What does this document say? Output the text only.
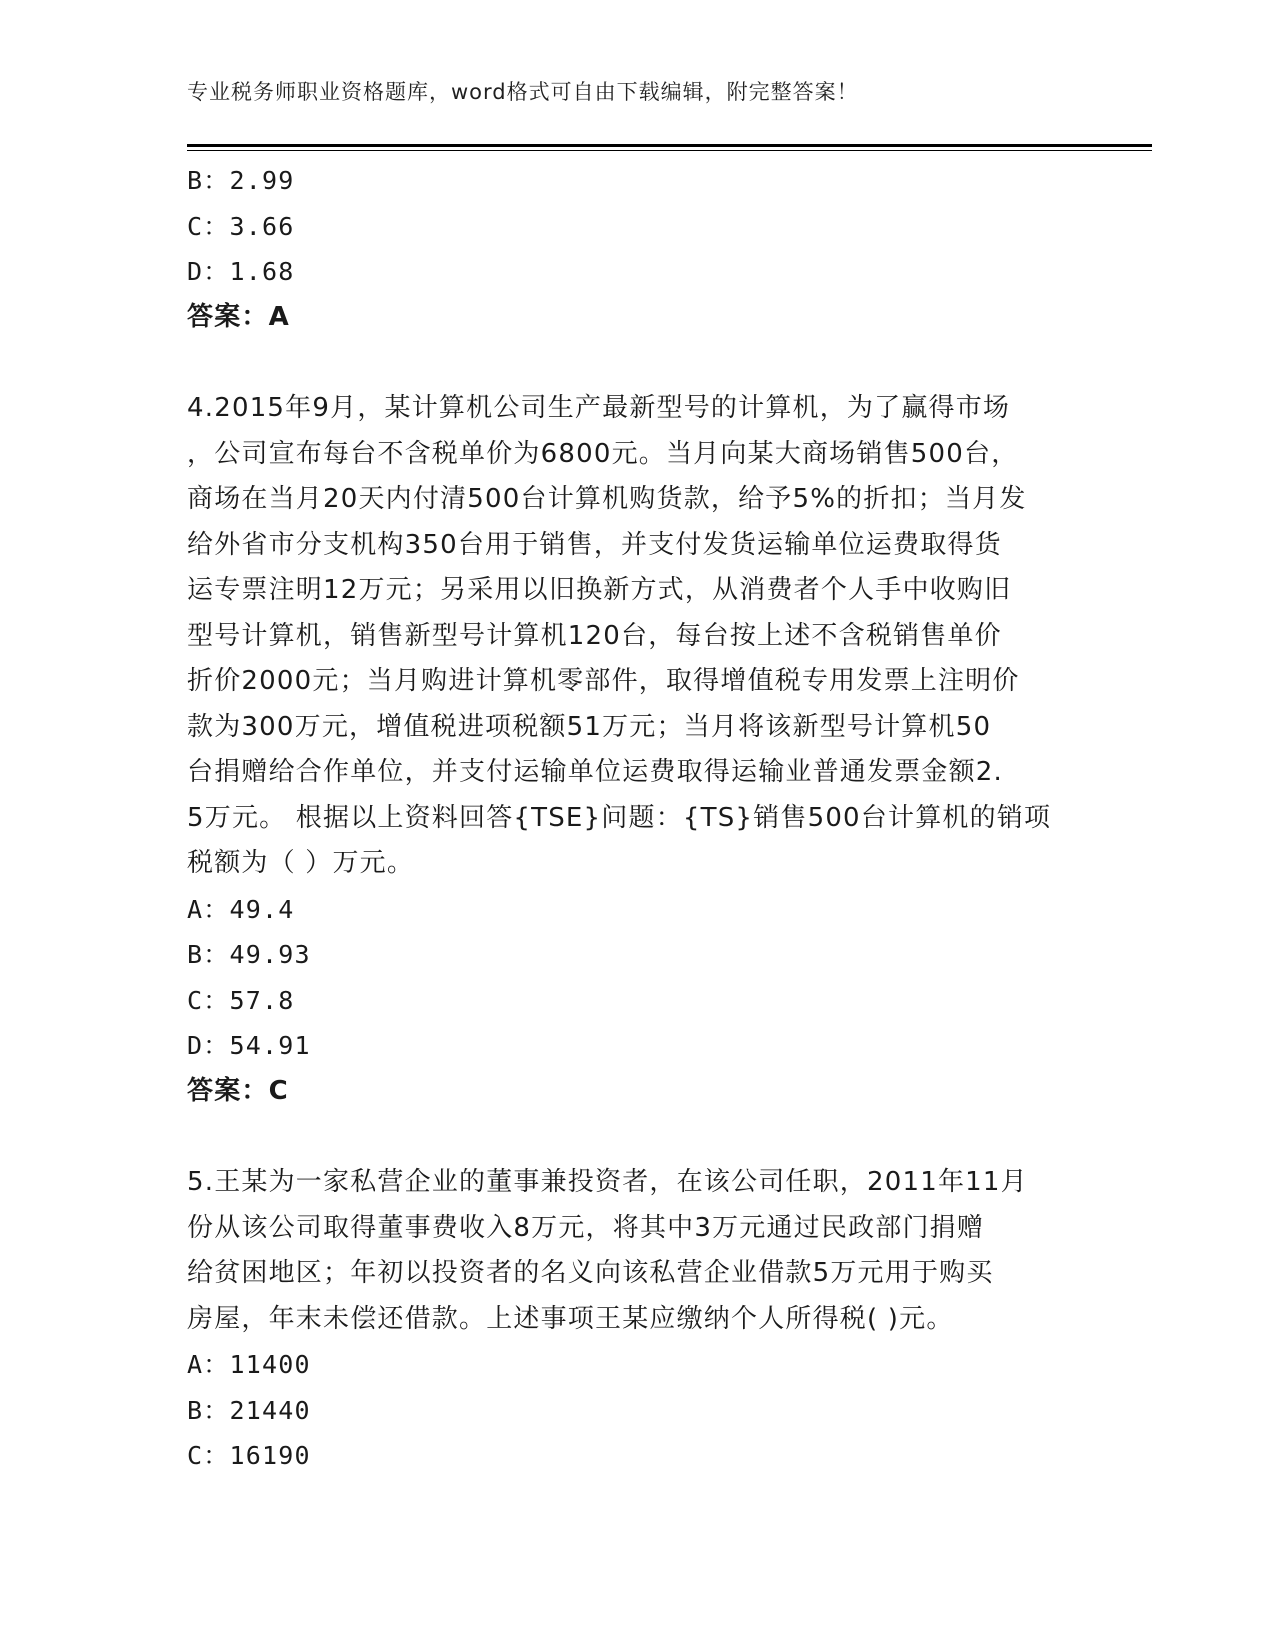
专业税务师职业资格题库，word格式可自由下载编辑，附完整答案！
B：2.99
C：3.66
D：1.68
答案：A
4.2015年9月，某计算机公司生产最新型号的计算机，为了赢得市场
，公司宣布每台不含税单价为6800元。当月向某大商场销售500台，
商场在当月20天内付清500台计算机购货款，给予5%的折扣；当月发
给外省市分支机构350台用于销售，并支付发货运输单位运费取得货
运专票注明12万元；另采用以旧换新方式，从消费者个人手中收购旧
型号计算机，销售新型号计算机120台，每台按上述不含税销售单价
折价2000元；当月购进计算机零部件，取得增值税专用发票上注明价
款为300万元，增值税进项税额51万元；当月将该新型号计算机50
台捐赠给合作单位，并支付运输单位运费取得运输业普通发票金额2.
5万元。 根据以上资料回答{TSE}问题：{TS}销售500台计算机的销项
税额为（ ）万元。
A：49.4
B：49.93
C：57.8
D：54.91
答案：C
5.王某为一家私营企业的董事兼投资者，在该公司任职，2011年11月
份从该公司取得董事费收入8万元，将其中3万元通过民政部门捐赠
给贫困地区；年初以投资者的名义向该私营企业借款5万元用于购买
房屋，年末未偿还借款。上述事项王某应缴纳个人所得税( )元。
A：11400
B：21440
C：16190
